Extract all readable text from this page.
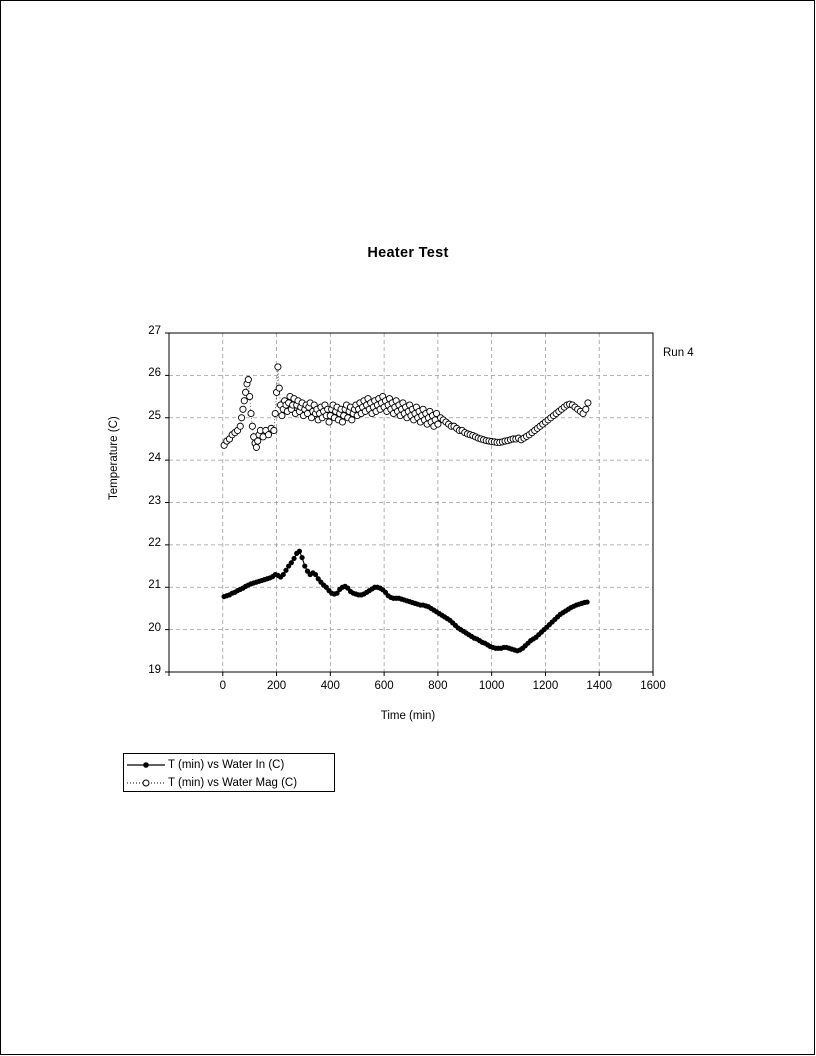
Heater Test
Run 4
Temperature (C)
Time (min)
19
20
21
22
23
24
25
26
27
0	200	400	600	800	1000	1200	1400	1600
T (min) vs Water In (C)
T (min) vs Water Mag (C)
